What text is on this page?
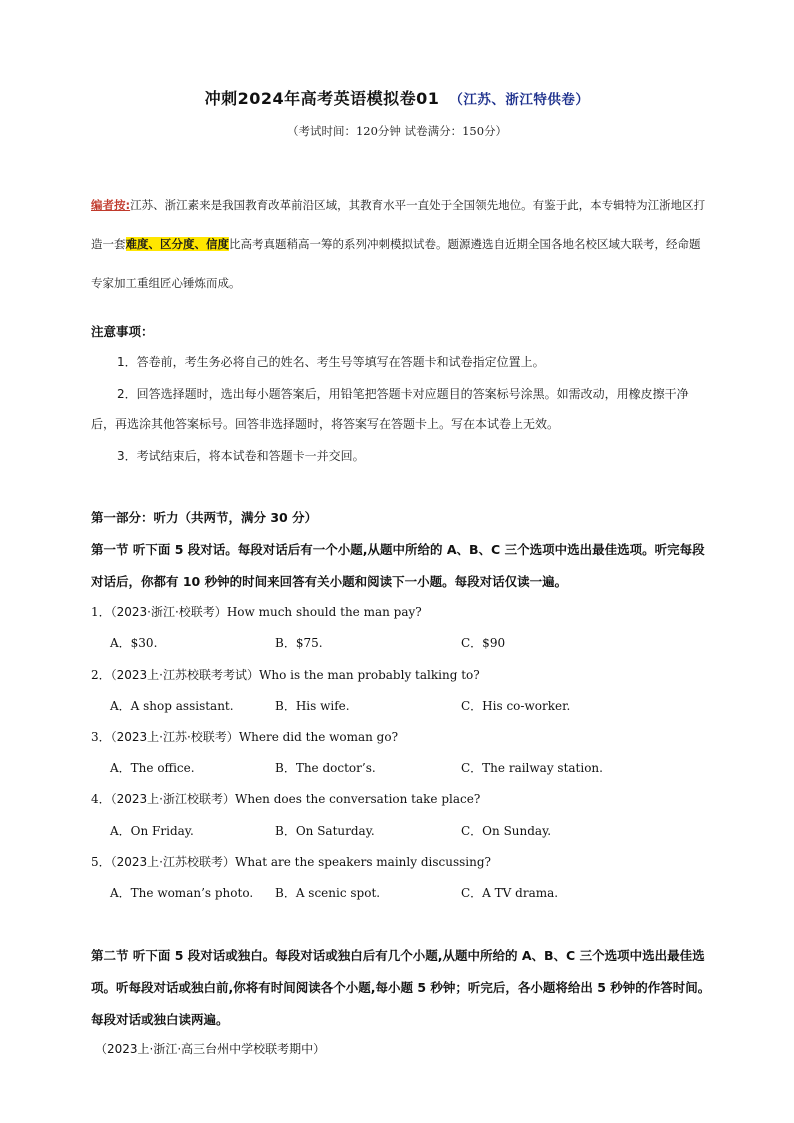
冲刺2024年高考英语模拟卷01 （江苏、浙江特供卷）
（考试时间：120分钟 试卷满分：150分）
编者按:江苏、浙江素来是我国教育改革前沿区域，其教育水平一直处于全国领先地位。有鉴于此，本专辑特为江浙地区打造一套难度、区分度、信度比高考真题稍高一筹的系列冲刺模拟试卷。题源遴选自近期全国各地名校区域大联考，经命题专家加工重组匠心锤炼而成。
注意事项：
1．答卷前，考生务必将自己的姓名、考生号等填写在答题卡和试卷指定位置上。
2．回答选择题时，选出每小题答案后，用铅笔把答题卡对应题目的答案标号涂黑。如需改动，用橡皮擦干净后，再选涂其他答案标号。回答非选择题时，将答案写在答题卡上。写在本试卷上无效。
3．考试结束后，将本试卷和答题卡一并交回。
第一部分：听力（共两节，满分 30 分）
第一节 听下面 5 段对话。每段对话后有一个小题,从题中所给的 A、B、C 三个选项中选出最佳选项。听完每段对话后，你都有 10 秒钟的时间来回答有关小题和阅读下一小题。每段对话仅读一遍。
1．（2023·浙江·校联考）How much should the man pay?
A．$30.	B．$75.	C．$90
2．（2023上·江苏校联考考试）Who is the man probably talking to?
A．A shop assistant.	B．His wife.	C．His co-worker.
3．（2023上·江苏·校联考）Where did the woman go?
A．The office.	B．The doctor’s.	C．The railway station.
4．（2023上·浙江校联考）When does the conversation take place?
A．On Friday.	B．On Saturday.	C．On Sunday.
5．（2023上·江苏校联考）What are the speakers mainly discussing?
A．The woman’s photo. B．A scenic spot.	C．A TV drama.
第二节 听下面 5 段对话或独白。每段对话或独白后有几个小题,从题中所给的 A、B、C 三个选项中选出最佳选项。听每段对话或独白前,你将有时间阅读各个小题,每小题 5 秒钟；听完后，各小题将给出 5 秒钟的作答时间。每段对话或独白读两遍。
（2023上·浙江·高三台州中学校联考期中）
